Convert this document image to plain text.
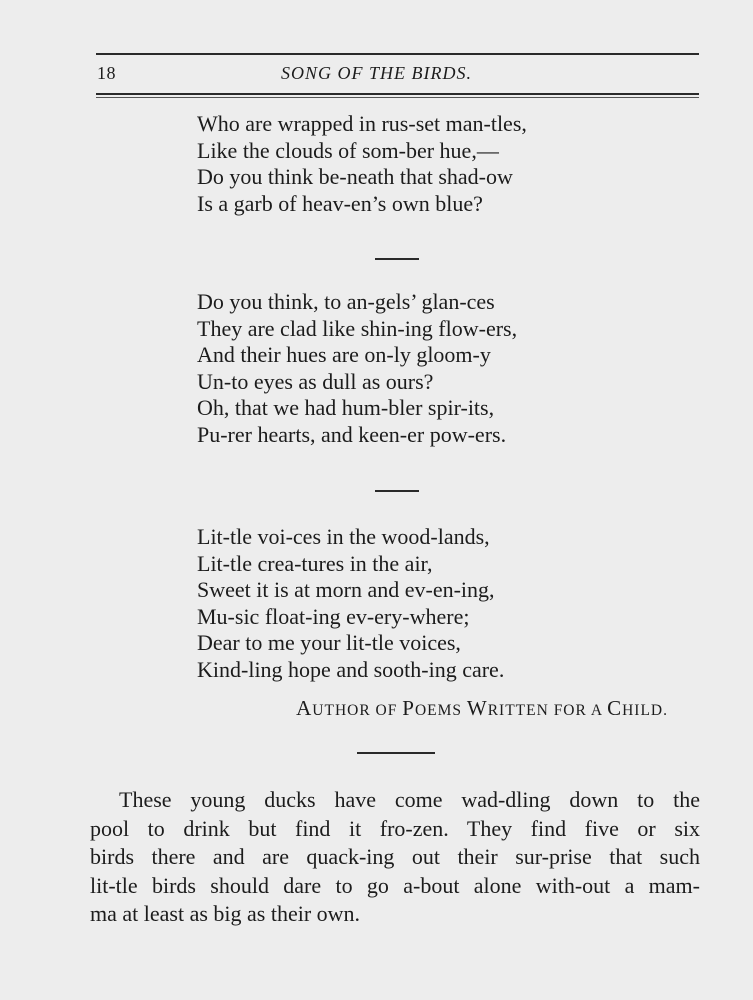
18	SONG OF THE BIRDS.
Who are wrapped in rus-set man-tles,
Like the clouds of som-ber hue,—
Do you think be-neath that shad-ow
Is a garb of heav-en’s own blue?
Do you think, to an-gels’ glan-ces
They are clad like shin-ing flow-ers,
And their hues are on-ly gloom-y
Un-to eyes as dull as ours?
Oh, that we had hum-bler spir-its,
Pu-rer hearts, and keen-er pow-ers.
Lit-tle voi-ces in the wood-lands,
Lit-tle crea-tures in the air,
Sweet it is at morn and ev-en-ing,
Mu-sic float-ing ev-ery-where;
Dear to me your lit-tle voices,
Kind-ling hope and sooth-ing care.
AUTHOR OF POEMS WRITTEN FOR A CHILD.
These young ducks have come wad-dling down to the
pool to drink but find it fro-zen. They find five or six
birds there and are quack-ing out their sur-prise that such
lit-tle birds should dare to go a-bout alone with-out a mam-
ma at least as big as their own.
